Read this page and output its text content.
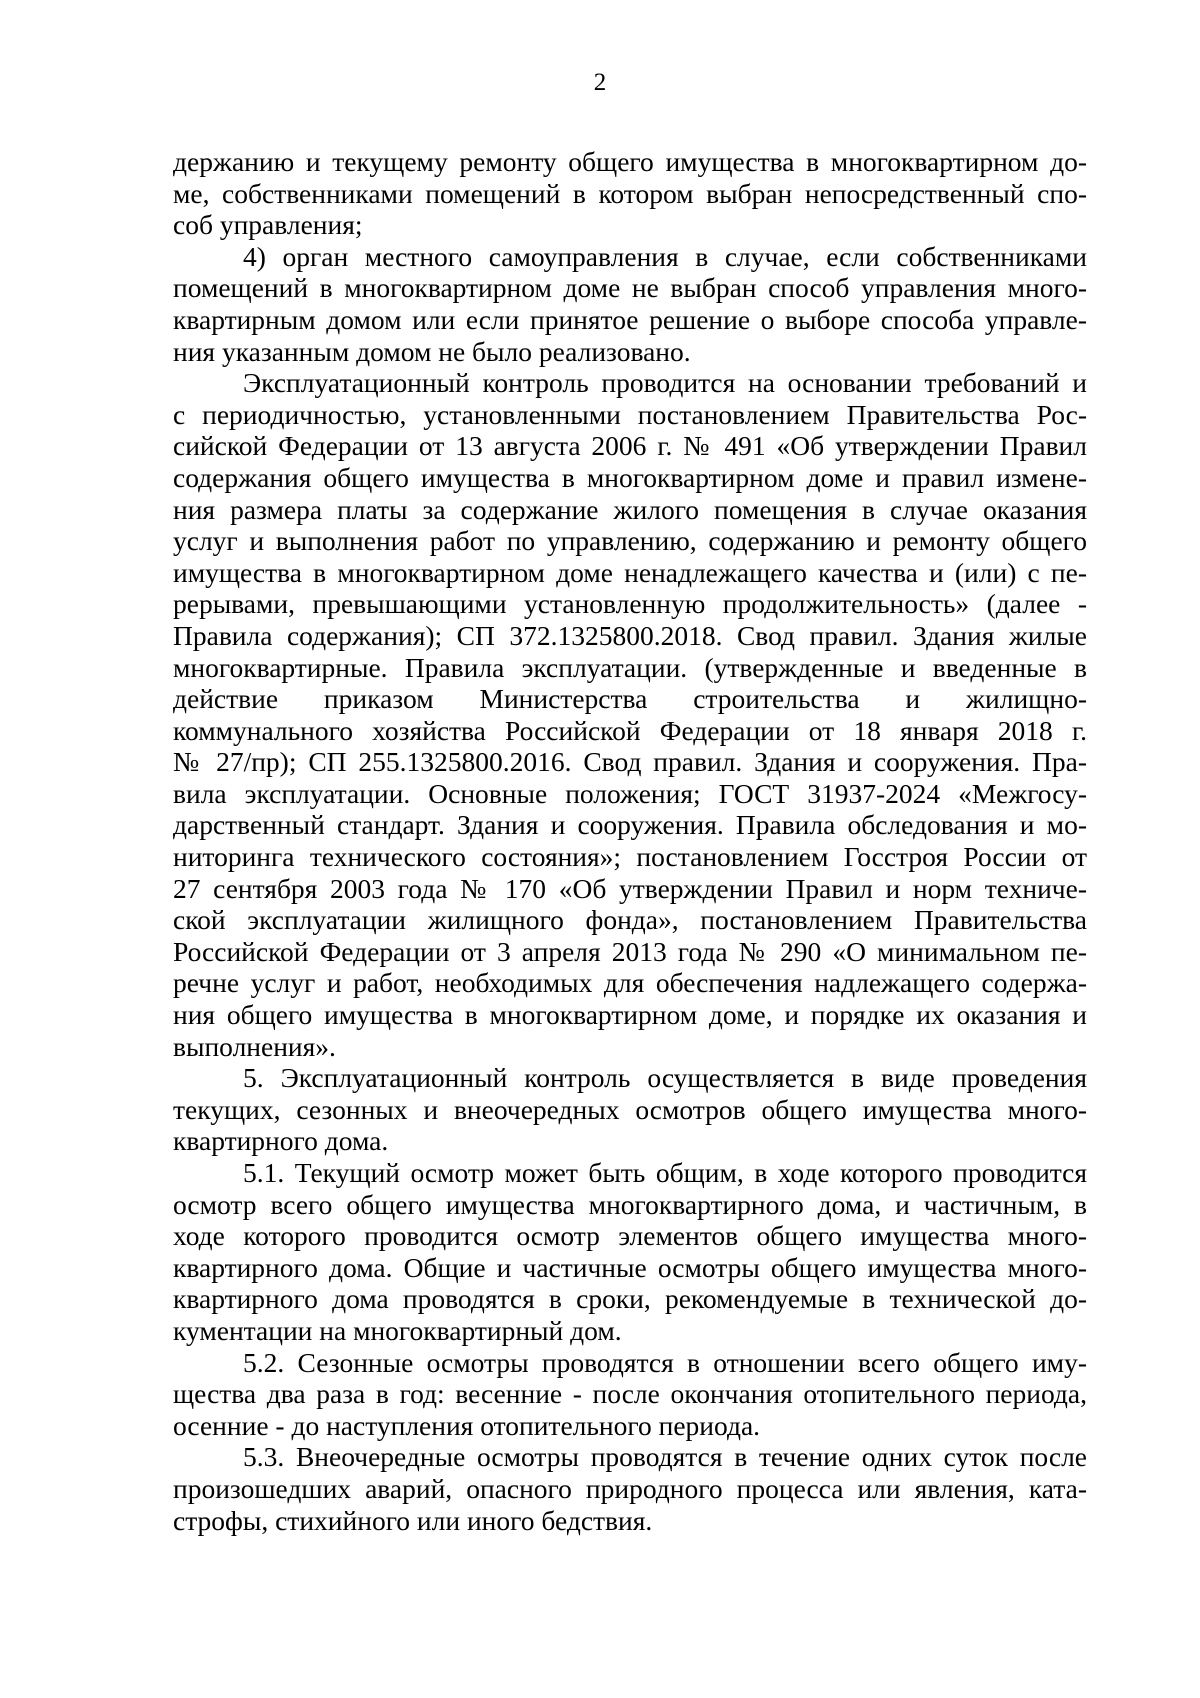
2
держанию и текущему ремонту общего имущества в многоквартирном до-
ме, собственниками помещений в котором выбран непосредственный спо-
соб управления;
4) орган местного самоуправления в случае, если собственниками
помещений в многоквартирном доме не выбран способ управления много-
квартирным домом или если принятое решение о выборе способа управле-
ния указанным домом не было реализовано.
Эксплуатационный контроль проводится на основании требований и
с периодичностью, установленными постановлением Правительства Рос-
сийской Федерации от 13 августа 2006 г. № 491 «Об утверждении Правил
содержания общего имущества в многоквартирном доме и правил измене-
ния размера платы за содержание жилого помещения в случае оказания
услуг и выполнения работ по управлению, содержанию и ремонту общего
имущества в многоквартирном доме ненадлежащего качества и (или) с пе-
рерывами, превышающими установленную продолжительность» (далее -
Правила содержания); СП 372.1325800.2018. Свод правил. Здания жилые
многоквартирные. Правила эксплуатации. (утвержденные и введенные в
действие приказом Министерства строительства и жилищно-
коммунального хозяйства Российской Федерации от 18 января 2018 г.
№ 27/пр); СП 255.1325800.2016. Свод правил. Здания и сооружения. Пра-
вила эксплуатации. Основные положения; ГОСТ 31937-2024 «Межгосу-
дарственный стандарт. Здания и сооружения. Правила обследования и мо-
ниторинга технического состояния»; постановлением Госстроя России от
27 сентября 2003 года № 170 «Об утверждении Правил и норм техниче-
ской эксплуатации жилищного фонда», постановлением Правительства
Российской Федерации от 3 апреля 2013 года № 290 «О минимальном пе-
речне услуг и работ, необходимых для обеспечения надлежащего содержа-
ния общего имущества в многоквартирном доме, и порядке их оказания и
выполнения».
5. Эксплуатационный контроль осуществляется в виде проведения
текущих, сезонных и внеочередных осмотров общего имущества много-
квартирного дома.
5.1. Текущий осмотр может быть общим, в ходе которого проводится
осмотр всего общего имущества многоквартирного дома, и частичным, в
ходе которого проводится осмотр элементов общего имущества много-
квартирного дома. Общие и частичные осмотры общего имущества много-
квартирного дома проводятся в сроки, рекомендуемые в технической до-
кументации на многоквартирный дом.
5.2. Сезонные осмотры проводятся в отношении всего общего иму-
щества два раза в год: весенние - после окончания отопительного периода,
осенние - до наступления отопительного периода.
5.3. Внеочередные осмотры проводятся в течение одних суток после
произошедших аварий, опасного природного процесса или явления, ката-
строфы, стихийного или иного бедствия.
